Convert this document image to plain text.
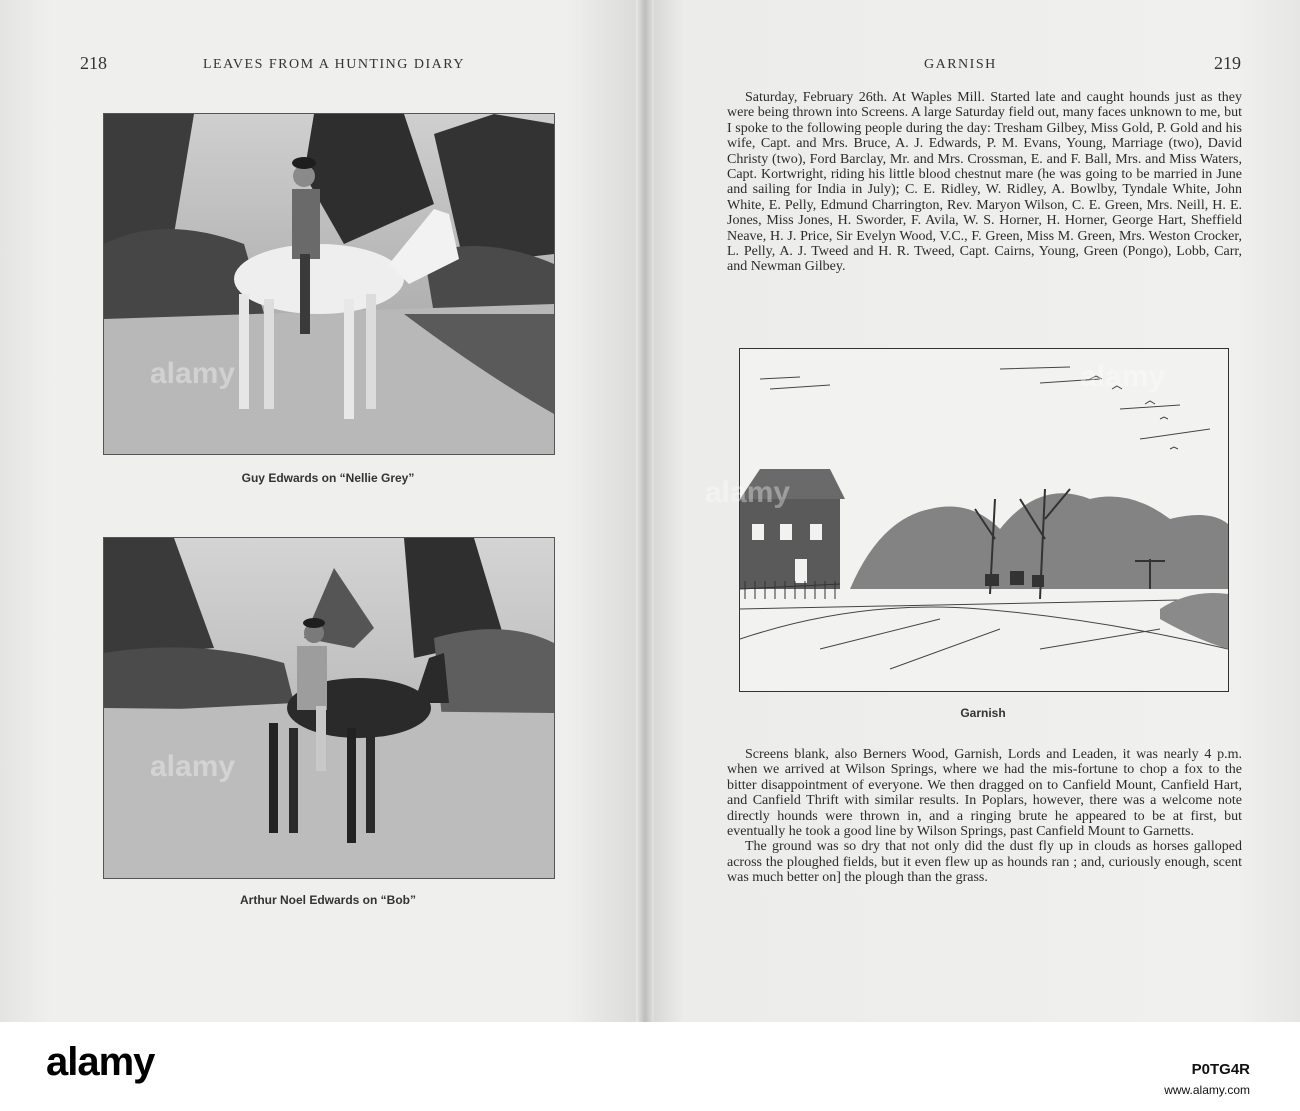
218	LEAVES FROM A HUNTING DIARY
Guy Edwards on “Nellie Grey”
Arthur Noel Edwards on “Bob”
GARNISH	219

Saturday, February 26th. At Waples Mill. Started late and caught hounds just as they were being thrown into Screens. A large Saturday field out, many faces unknown to me, but I spoke to the following people during the day: Tresham Gilbey, Miss Gold, P. Gold and his wife, Capt. and Mrs. Bruce, A. J. Edwards, P. M. Evans, Young, Marriage (two), David Christy (two), Ford Barclay, Mr. and Mrs. Crossman, E. and F. Ball, Mrs. and Miss Waters, Capt. Kortwright, riding his little blood chestnut mare (he was going to be married in June and sailing for India in July); C. E. Ridley, W. Ridley, A. Bowlby, Tyndale White, John White, E. Pelly, Edmund Charrington, Rev. Maryon Wilson, C. E. Green, Mrs. Neill, H. E. Jones, Miss Jones, H. Sworder, F. Avila, W. S. Horner, H. Horner, George Hart, Sheffield Neave, H. J. Price, Sir Evelyn Wood, V.C., F. Green, Miss M. Green, Mrs. Weston Crocker, L. Pelly, A. J. Tweed and H. R. Tweed, Capt. Cairns, Young, Green (Pongo), Lobb, Carr, and Newman Gilbey.

Garnish

Screens blank, also Berners Wood, Garnish, Lords and Leaden, it was nearly 4 p.m. when we arrived at Wilson Springs, where we had the mis-fortune to chop a fox to the bitter disappointment of everyone. We then dragged on to Canfield Mount, Canfield Hart, and Canfield Thrift with similar results. In Poplars, however, there was a welcome note directly hounds were thrown in, and a ringing brute he appeared to be at first, but eventually he took a good line by Wilson Springs, past Canfield Mount to Garnetts.

The ground was so dry that not only did the dust fly up in clouds as horses galloped across the ploughed fields, but it even flew up as hounds ran ; and, curiously enough, scent was much better on] the plough than the grass.

alamy
alamy
alamy
alamy
alamy	P0TG4R
www.alamy.com
